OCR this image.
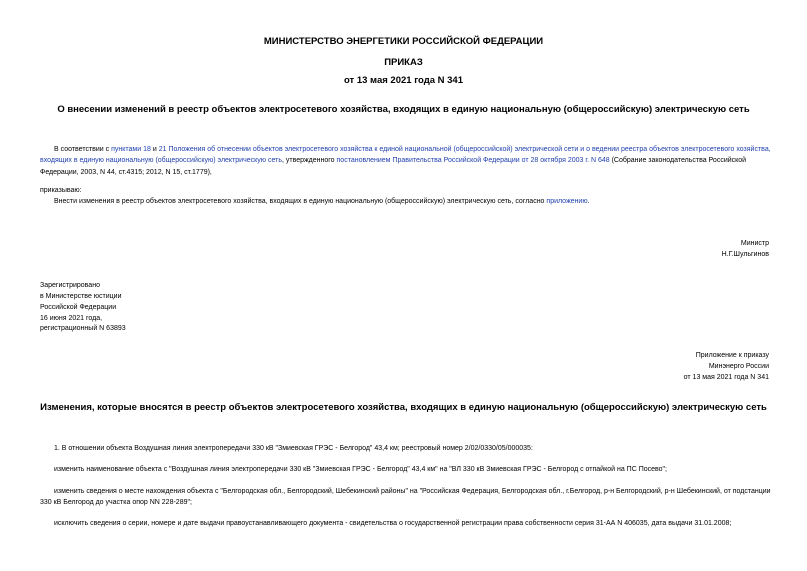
МИНИСТЕРСТВО ЭНЕРГЕТИКИ РОССИЙСКОЙ ФЕДЕРАЦИИ
ПРИКАЗ
от 13 мая 2021 года N 341
О внесении изменений в реестр объектов электросетевого хозяйства, входящих в единую национальную (общероссийскую) электрическую сеть
В соответствии с пунктами 18 и 21 Положения об отнесении объектов электросетевого хозяйства к единой национальной (общероссийской) электрической сети и о ведении реестра объектов электросетевого хозяйства, входящих в единую национальную (общероссийскую) электрическую сеть, утвержденного постановлением Правительства Российской Федерации от 28 октября 2003 г. N 648 (Собрание законодательства Российской Федерации, 2003, N 44, ст.4315; 2012, N 15, ст.1779),
приказываю:
Внести изменения в реестр объектов электросетевого хозяйства, входящих в единую национальную (общероссийскую) электрическую сеть, согласно приложению.
Министр
Н.Г.Шульгинов
Зарегистрировано
в Министерстве юстиции
Российской Федерации
16 июня 2021 года,
регистрационный N 63893
Приложение к приказу
Минэнерго России
от 13 мая 2021 года N 341
Изменения, которые вносятся в реестр объектов электросетевого хозяйства, входящих в единую национальную (общероссийскую) электрическую сеть
1. В отношении объекта Воздушная линия электропередачи 330 кВ "Змиевская ГРЭС - Белгород" 43,4 км; реестровый номер 2/02/0330/05/000035:
изменить наименование объекта с "Воздушная линия электропередачи 330 кВ "Змиевская ГРЭС - Белгород" 43,4 км" на "ВЛ 330 кВ Змиевская ГРЭС - Белгород с отпайкой на ПС Посево";
изменить сведения о месте нахождения объекта с "Белгородская обл., Белгородский, Шебекинский районы" на "Российская Федерация, Белгородская обл., г.Белгород, р-н Белгородский, р-н Шебекинский, от подстанции 330 кВ Белгород до участка опор NN 228-289";
исключить сведения о серии, номере и дате выдачи правоустанавливающего документа - свидетельства о государственной регистрации права собственности серия 31-АА N 406035, дата выдачи 31.01.2008;
